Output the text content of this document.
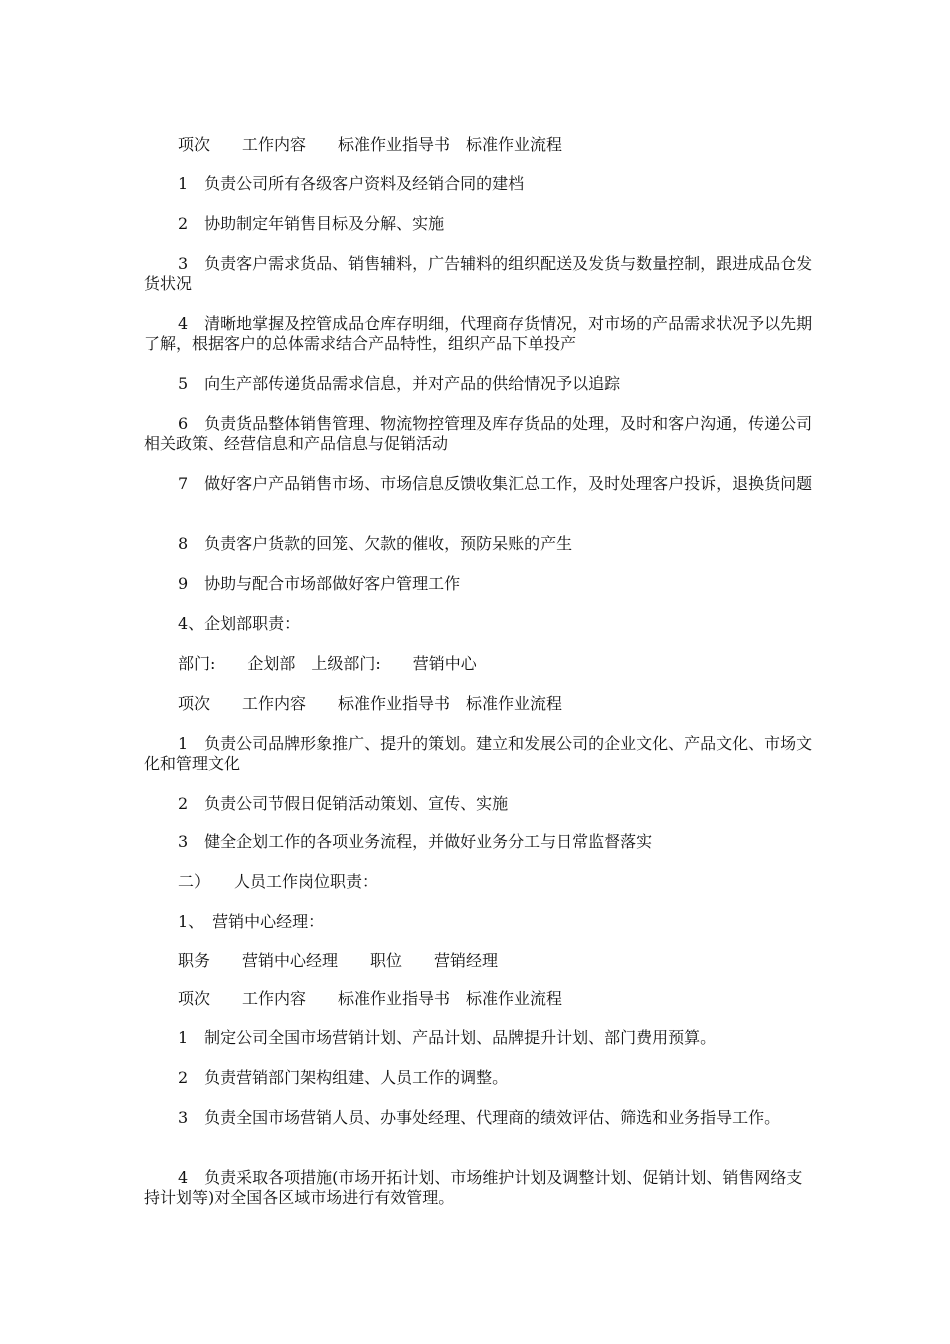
项次　　工作内容　　标准作业指导书　标准作业流程
1　负责公司所有各级客户资料及经销合同的建档
2　协助制定年销售目标及分解、实施
3　负责客户需求货品、销售辅料，广告辅料的组织配送及发货与数量控制，跟进成品仓发货状况
4　清晰地掌握及控管成品仓库存明细，代理商存货情况，对市场的产品需求状况予以先期了解，根据客户的总体需求结合产品特性，组织产品下单投产
5　向生产部传递货品需求信息，并对产品的供给情况予以追踪
6　负责货品整体销售管理、物流物控管理及库存货品的处理，及时和客户沟通，传递公司相关政策、经营信息和产品信息与促销活动
7　做好客户产品销售市场、市场信息反馈收集汇总工作，及时处理客户投诉，退换货问题
8　负责客户货款的回笼、欠款的催收，预防呆账的产生
9　协助与配合市场部做好客户管理工作
4、企划部职责：
部门:　　企划部　上级部门:　　营销中心
项次　　工作内容　　标准作业指导书　标准作业流程
1　负责公司品牌形象推广、提升的策划。建立和发展公司的企业文化、产品文化、市场文化和管理文化
2　负责公司节假日促销活动策划、宣传、实施
3　健全企划工作的各项业务流程，并做好业务分工与日常监督落实
二）　　人员工作岗位职责：
1、　营销中心经理：
职务　　营销中心经理　　职位　　营销经理
项次　　工作内容　　标准作业指导书　标准作业流程
1　制定公司全国市场营销计划、产品计划、品牌提升计划、部门费用预算。
2　负责营销部门架构组建、人员工作的调整。
3　负责全国市场营销人员、办事处经理、代理商的绩效评估、筛选和业务指导工作。
4　负责采取各项措施(市场开拓计划、市场维护计划及调整计划、促销计划、销售网络支持计划等)对全国各区域市场进行有效管理。
